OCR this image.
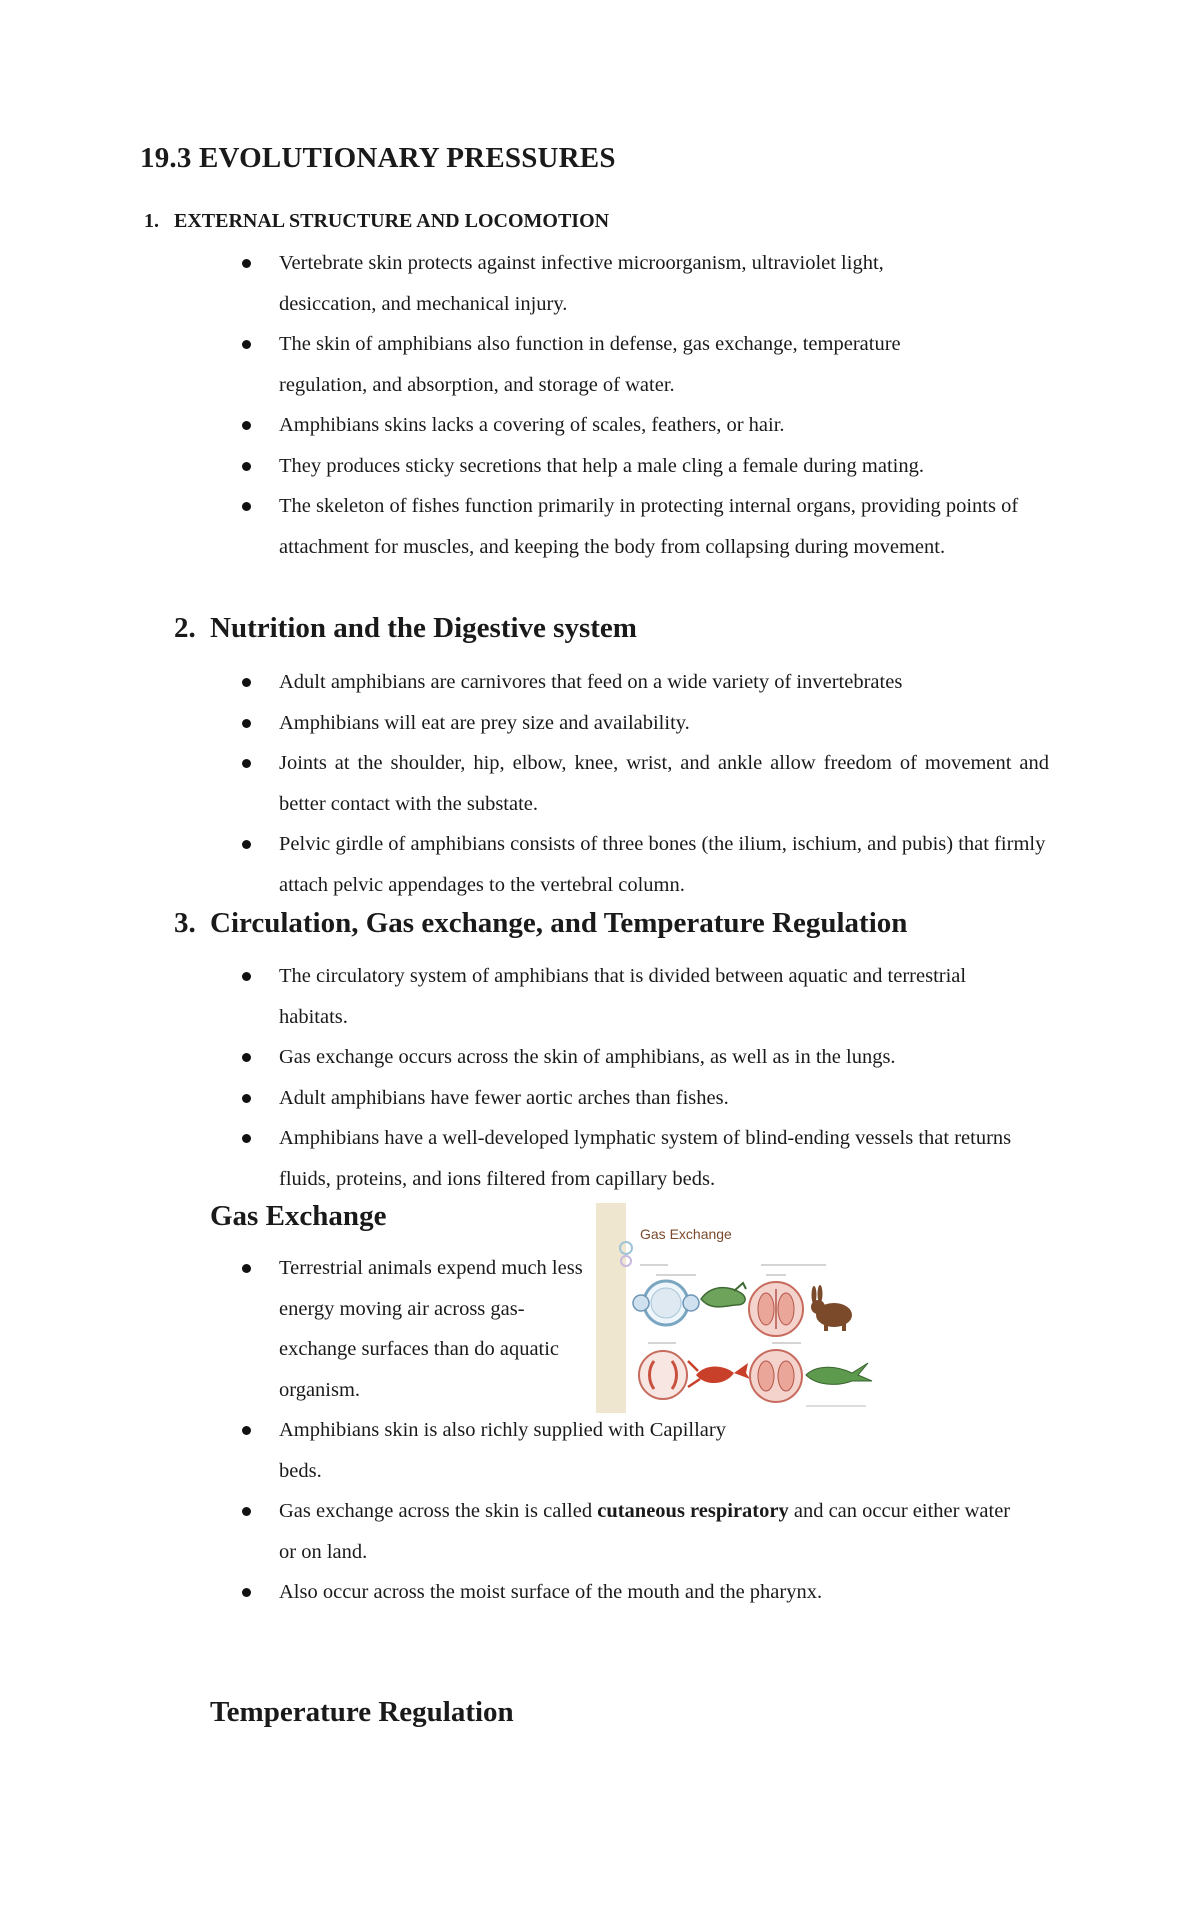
19.3 EVOLUTIONARY PRESSURES
1. EXTERNAL STRUCTURE AND LOCOMOTION
Vertebrate skin protects against infective microorganism, ultraviolet light, desiccation, and mechanical injury.
The skin of amphibians also function in defense, gas exchange, temperature regulation, and absorption, and storage of water.
Amphibians skins lacks a covering of scales, feathers, or hair.
They produces sticky secretions that help a male cling a female during mating.
The skeleton of fishes function primarily in protecting internal organs, providing points of attachment for muscles, and keeping the body from collapsing during movement.
2. Nutrition and the Digestive system
Adult amphibians are carnivores that feed on a wide variety of invertebrates
Amphibians will eat are prey size and availability.
Joints at the shoulder, hip, elbow, knee, wrist, and ankle allow freedom of movement and better contact with the substate.
Pelvic girdle of amphibians consists of three bones (the ilium, ischium, and pubis) that firmly attach pelvic appendages to the vertebral column.
3. Circulation, Gas exchange, and Temperature Regulation
The circulatory system of amphibians that is divided between aquatic and terrestrial habitats.
Gas exchange occurs across the skin of amphibians, as well as in the lungs.
Adult amphibians have fewer aortic arches than fishes.
Amphibians have a well-developed lymphatic system of blind-ending vessels that returns fluids, proteins, and ions filtered from capillary beds.
Gas Exchange
Terrestrial animals expend much less energy moving air across gas-exchange surfaces than do aquatic organism.
Amphibians skin is also richly supplied with Capillary beds.
Gas exchange across the skin is called cutaneous respiratory and can occur either water or on land.
Also occur across the moist surface of the mouth and the pharynx.
Gas Exchange
Temperature Regulation
